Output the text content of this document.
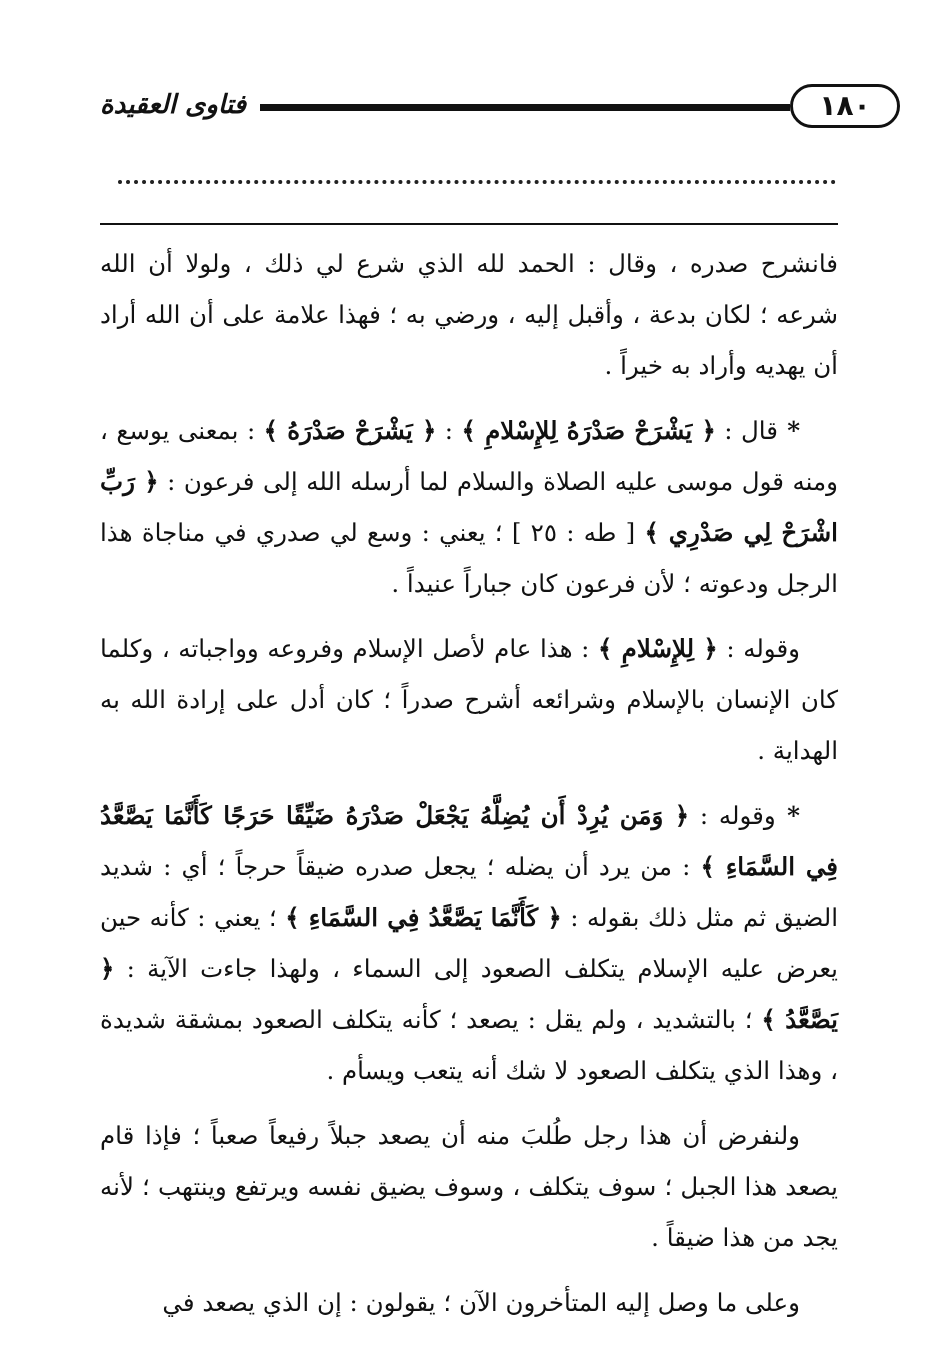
فتاوى العقيدة	١٨٠

فانشرح صدره ، وقال : الحمد لله الذي شرع لي ذلك ، ولولا أن الله شرعه ؛ لكان بدعة ، وأقبل إليه ، ورضي به ؛ فهذا علامة على أن الله أراد أن يهديه وأراد به خيراً .

* قال : ﴿ يَشْرَحْ صَدْرَهُ لِلإِسْلامِ ﴾ : ﴿ يَشْرَحْ صَدْرَهُ ﴾ : بمعنى يوسع ، ومنه قول موسى عليه الصلاة والسلام لما أرسله الله إلى فرعون : ﴿ رَبِّ اشْرَحْ لِي صَدْرِي ﴾ [ طه : ٢٥ ] ؛ يعني : وسع لي صدري في مناجاة هذا الرجل ودعوته ؛ لأن فرعون كان جباراً عنيداً .

وقوله : ﴿ لِلإِسْلامِ ﴾ : هذا عام لأصل الإسلام وفروعه وواجباته ، وكلما كان الإنسان بالإسلام وشرائعه أشرح صدراً ؛ كان أدل على إرادة الله به الهداية .

* وقوله : ﴿ وَمَن يُرِدْ أَن يُضِلَّهُ يَجْعَلْ صَدْرَهُ ضَيِّقًا حَرَجًا كَأَنَّمَا يَصَّعَّدُ فِي السَّمَاءِ ﴾ : من يرد أن يضله ؛ يجعل صدره ضيقاً حرجاً ؛ أي : شديد الضيق ثم مثل ذلك بقوله : ﴿ كَأَنَّمَا يَصَّعَّدُ فِي السَّمَاءِ ﴾ ؛ يعني : كأنه حين يعرض عليه الإسلام يتكلف الصعود إلى السماء ، ولهذا جاءت الآية : ﴿ يَصَّعَّدُ ﴾ ؛ بالتشديد ، ولم يقل : يصعد ؛ كأنه يتكلف الصعود بمشقة شديدة ، وهذا الذي يتكلف الصعود لا شك أنه يتعب ويسأم .

ولنفرض أن هذا رجل طُلبَ منه أن يصعد جبلاً رفيعاً صعباً ؛ فإذا قام يصعد هذا الجبل ؛ سوف يتكلف ، وسوف يضيق نفسه ويرتفع وينتهب ؛ لأنه يجد من هذا ضيقاً .

وعلى ما وصل إليه المتأخرون الآن ؛ يقولون : إن الذي يصعد في
